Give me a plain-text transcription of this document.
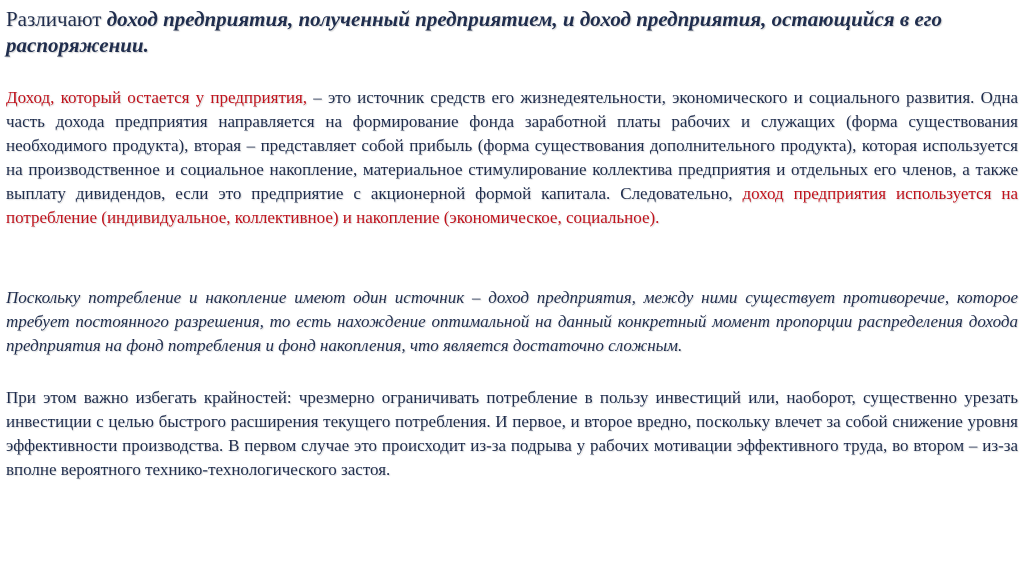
Различают доход предприятия, полученный предприятием, и доход предприятия, остающийся в его распоряжении.

Доход, который остается у предприятия, – это источник средств его жизнедеятельности, экономического и социального развития. Одна часть дохода предприятия направляется на формирование фонда заработной платы рабочих и служащих (форма существования необходимого продукта), вторая – представляет собой прибыль (форма существования дополнительного продукта), которая используется на производственное и социальное накопление, материальное стимулирование коллектива предприятия и отдельных его членов, а также выплату дивидендов, если это предприятие с акционерной формой капитала. Следовательно, доход предприятия используется на потребление (индивидуальное, коллективное) и накопление (экономическое, социальное).

Поскольку потребление и накопление имеют один источник – доход предприятия, между ними существует противоречие, которое требует постоянного разрешения, то есть нахождение оптимальной на данный конкретный момент пропорции распределения дохода предприятия на фонд потребления и фонд накопления, что является достаточно сложным.

При этом важно избегать крайностей: чрезмерно ограничивать потребление в пользу инвестиций или, наоборот, существенно урезать инвестиции с целью быстрого расширения текущего потребления. И первое, и второе вредно, поскольку влечет за собой снижение уровня эффективности производства. В первом случае это происходит из-за подрыва у рабочих мотивации эффективного труда, во втором – из-за вполне вероятного технико-технологического застоя.
